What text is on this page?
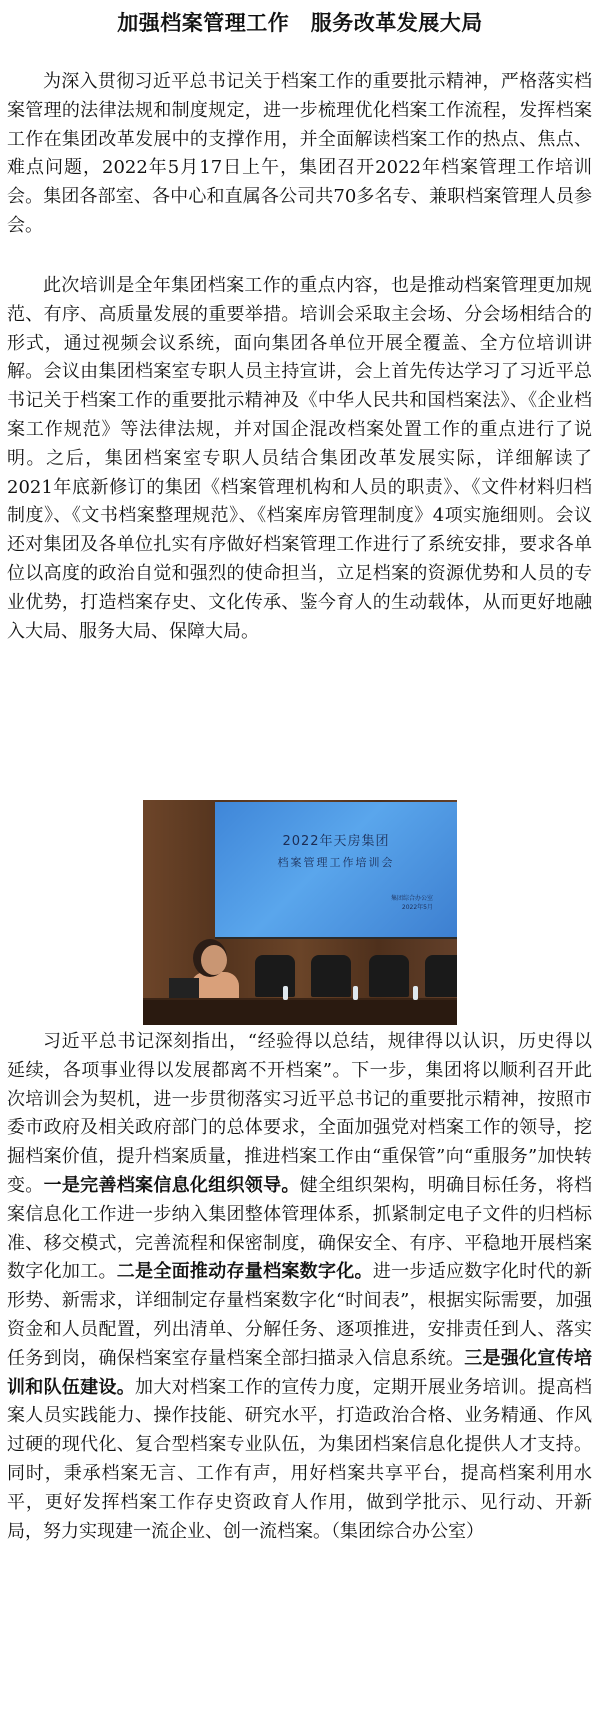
加强档案管理工作　服务改革发展大局

为深入贯彻习近平总书记关于档案工作的重要批示精神，严格落实档案管理的法律法规和制度规定，进一步梳理优化档案工作流程，发挥档案工作在集团改革发展中的支撑作用，并全面解读档案工作的热点、焦点、难点问题，2022年5月17日上午，集团召开2022年档案管理工作培训会。集团各部室、各中心和直属各公司共70多名专、兼职档案管理人员参会。

此次培训是全年集团档案工作的重点内容，也是推动档案管理更加规范、有序、高质量发展的重要举措。培训会采取主会场、分会场相结合的形式，通过视频会议系统，面向集团各单位开展全覆盖、全方位培训讲解。会议由集团档案室专职人员主持宣讲，会上首先传达学习了习近平总书记关于档案工作的重要批示精神及《中华人民共和国档案法》、《企业档案工作规范》等法律法规，并对国企混改档案处置工作的重点进行了说明。之后，集团档案室专职人员结合集团改革发展实际，详细解读了2021年底新修订的集团《档案管理机构和人员的职责》、《文件材料归档制度》、《文书档案整理规范》、《档案库房管理制度》4项实施细则。会议还对集团及各单位扎实有序做好档案管理工作进行了系统安排，要求各单位以高度的政治自觉和强烈的使命担当，立足档案的资源优势和人员的专业优势，打造档案存史、文化传承、鉴今育人的生动载体，从而更好地融入大局、服务大局、保障大局。

2022年天房集团
档案管理工作培训会
集团综合办公室
2022年5月

习近平总书记深刻指出，“经验得以总结，规律得以认识，历史得以延续，各项事业得以发展都离不开档案”。下一步，集团将以顺利召开此次培训会为契机，进一步贯彻落实习近平总书记的重要批示精神，按照市委市政府及相关政府部门的总体要求，全面加强党对档案工作的领导，挖掘档案价值，提升档案质量，推进档案工作由“重保管”向“重服务”加快转变。一是完善档案信息化组织领导。健全组织架构，明确目标任务，将档案信息化工作进一步纳入集团整体管理体系，抓紧制定电子文件的归档标准、移交模式，完善流程和保密制度，确保安全、有序、平稳地开展档案数字化加工。二是全面推动存量档案数字化。进一步适应数字化时代的新形势、新需求，详细制定存量档案数字化“时间表”，根据实际需要，加强资金和人员配置，列出清单、分解任务、逐项推进，安排责任到人、落实任务到岗，确保档案室存量档案全部扫描录入信息系统。三是强化宣传培训和队伍建设。加大对档案工作的宣传力度，定期开展业务培训。提高档案人员实践能力、操作技能、研究水平，打造政治合格、业务精通、作风过硬的现代化、复合型档案专业队伍，为集团档案信息化提供人才支持。同时，秉承档案无言、工作有声，用好档案共享平台，提高档案利用水平，更好发挥档案工作存史资政育人作用，做到学批示、见行动、开新局，努力实现建一流企业、创一流档案。（集团综合办公室）
